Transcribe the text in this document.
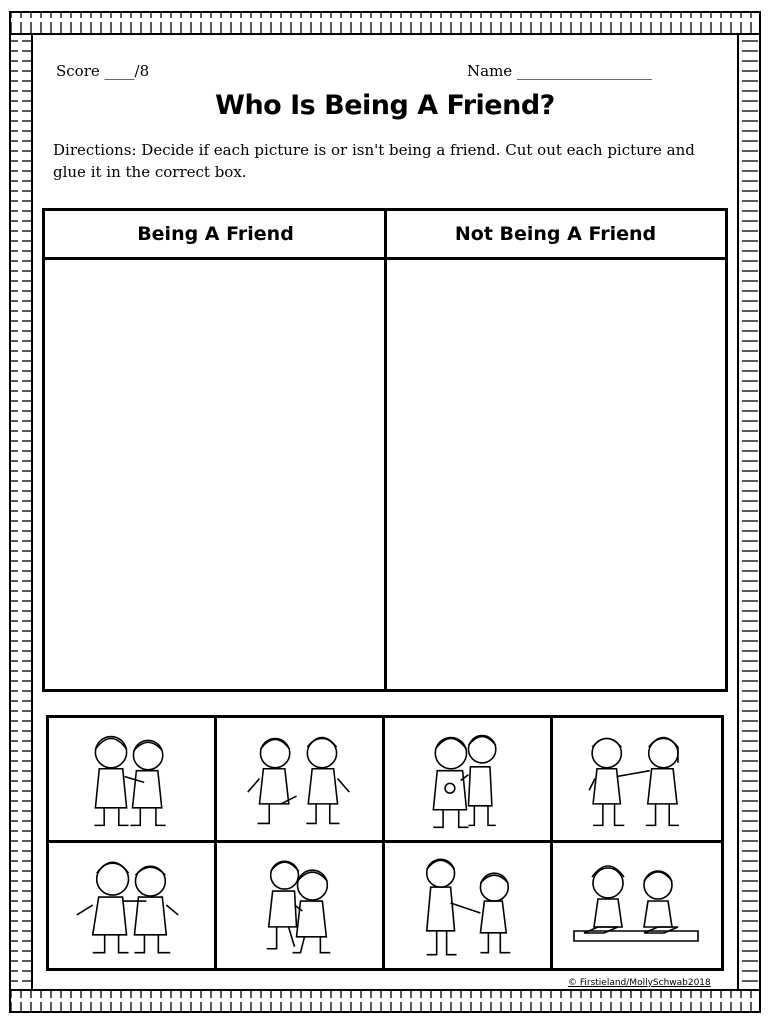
Score ____/8	Name __________________
Who Is Being A Friend?
Directions: Decide if each picture is or isn't being a friend. Cut out each picture and glue it in the correct box.
Being A Friend	Not Being A Friend
© Firstieland/MollySchwab2018
